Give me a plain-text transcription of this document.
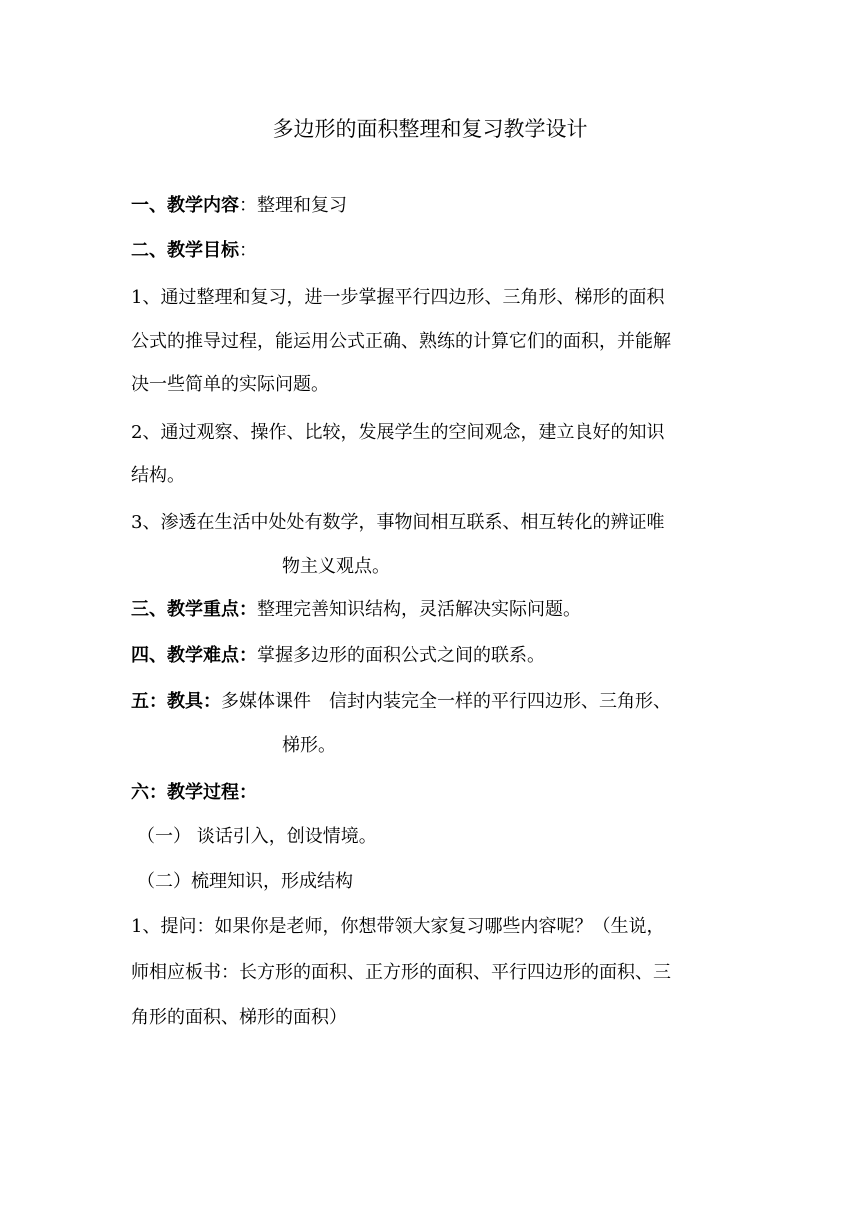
多边形的面积整理和复习教学设计
一、教学内容：整理和复习
二、教学目标：
1、通过整理和复习，进一步掌握平行四边形、三角形、梯形的面积
公式的推导过程，能运用公式正确、熟练的计算它们的面积，并能解
决一些简单的实际问题。
2、通过观察、操作、比较，发展学生的空间观念，建立良好的知识
结构。
3、渗透在生活中处处有数学，事物间相互联系、相互转化的辨证唯
物主义观点。
三、教学重点：整理完善知识结构，灵活解决实际问题。
四、教学难点：掌握多边形的面积公式之间的联系。
五：教具：多媒体课件　信封内装完全一样的平行四边形、三角形、
梯形。
六：教学过程：
（一） 谈话引入，创设情境。
（二）梳理知识，形成结构
1、提问：如果你是老师，你想带领大家复习哪些内容呢？（生说，
师相应板书：长方形的面积、正方形的面积、平行四边形的面积、三
角形的面积、梯形的面积）
